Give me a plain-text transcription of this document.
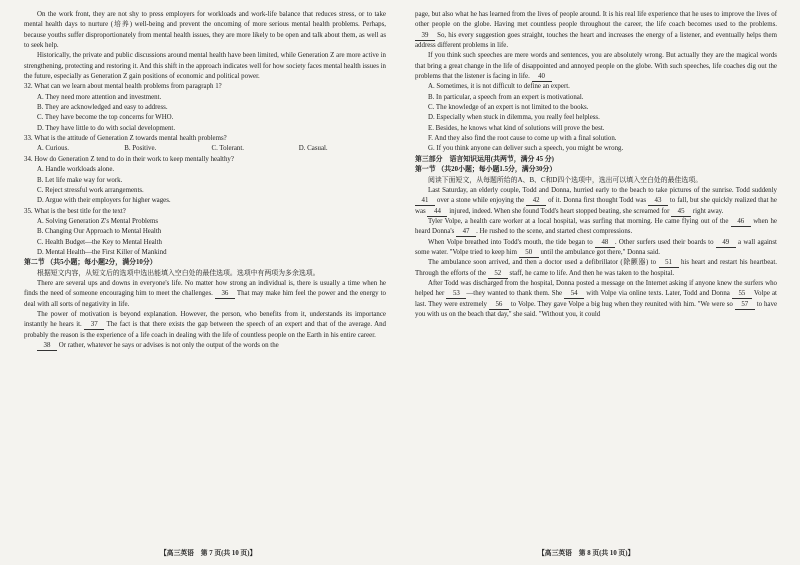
On the work front, they are not shy to press employers for workloads and work-life balance that reduces stress, or to take mental health days to nurture (培养) well-being and prevent the oncoming of more serious mental health problems. Perhaps, because youths suffer disproportionately from mental health issues, they are more likely to be open and talk about them, as well as to seek help.

Historically, the private and public discussions around mental health have been limited, while Generation Z are more active in strengthening, protecting and restoring it. And this shift in the approach indicates well for how society faces mental health issues in the future, especially as Generation Z gain positions of economic and political power.

32. What can we learn about mental health problems from paragraph 1?
A. They need more attention and investment.
B. They are acknowledged and easy to address.
C. They have become the top concerns for WHO.
D. They have little to do with social development.
33. What is the attitude of Generation Z towards mental health problems?
A. Curious.	B. Positive.	C. Tolerant.	D. Casual.
34. How do Generation Z tend to do in their work to keep mentally healthy?
A. Handle workloads alone.
B. Let life make way for work.
C. Reject stressful work arrangements.
D. Argue with their employers for higher wages.
35. What is the best title for the text?
A. Solving Generation Z's Mental Problems
B. Changing Our Approach to Mental Health
C. Health Budget—the Key to Mental Health
D. Mental Health—the First Killer of Mankind
第二节 （共5小题；每小题2分，满分10分）

根据短文内容，从短文后的选项中选出能填入空白处的最佳选项。选项中有两项为多余选项。

There are several ups and downs in everyone's life. No matter how strong an individual is, there is usually a time when he finds the need of someone encouraging him to meet the challenges. 36 That may make him feel the power and the energy to deal with all sorts of negativity in life.

The power of motivation is beyond explanation. However, the person, who benefits from it, understands its importance instantly he hears it. 37 The fact is that there exists the gap between the speech of an expert and that of the average. And probably the reason is the experience of a life coach in dealing with the life of countless people on the Earth in his entire career.

38 Or rather, whatever he says or advises is not only the output of the words on the

page, but also what he has learned from the lives of people around. It is his real life experience that he uses to improve the lives of other people on the globe. Having met countless people throughout the career, the life coach becomes used to the problems. 39 So, his every suggestion goes straight, touches the heart and increases the energy of a listener, and eventually helps them address different problems in life.

If you think such speeches are mere words and sentences, you are absolutely wrong. But actually they are the magical words that bring a great change in the life of disappointed and annoyed people on the globe. With such speeches, life coaches dig out the problems that the listener is facing in life. 40

A. Sometimes, it is not difficult to define an expert.
B. In particular, a speech from an expert is motivational.
C. The knowledge of an expert is not limited to the books.
D. Especially when stuck in dilemma, you really feel helpless.
E. Besides, he knows what kind of solutions will prove the best.
F. And they also find the root cause to come up with a final solution.
G. If you think anyone can deliver such a speech, you might be wrong.
第三部分　语言知识运用(共两节，满分 45 分)
第一节 （共20小题；每小题1.5分，满分30分）

阅读下面短文，从每题所给的A、B、C和D四个选项中，选出可以填入空白处的最佳选项。

Last Saturday, an elderly couple, Todd and Donna, hurried early to the beach to take pictures of the sunrise. Todd suddenly 41 over a stone while enjoying the 42 of it. Donna first thought Todd was 43 to fall, but she quickly realized that he was 44 injured, indeed. When she found Todd's heart stopped beating, she screamed for 45 right away.

Tyler Volpe, a health care worker at a local hospital, was surfing that morning. He came flying out of the 46 when he heard Donna's 47 . He rushed to the scene, and started chest compressions.

When Volpe breathed into Todd's mouth, the tide began to 48 . Other surfers used their boards to 49 a wall against some water. "Volpe tried to keep him 50 until the ambulance got there," Donna said.

The ambulance soon arrived, and then a doctor used a defibrillator (除颤器) to 51 his heart and restart his heartbeat. Through the efforts of the 52 staff, he came to life. And then he was taken to the hospital.

After Todd was discharged from the hospital, Donna posted a message on the Internet asking if anyone knew the surfers who helped her 53 —they wanted to thank them. She 54 with Volpe via online texts. Later, Todd and Donna 55 Volpe at last. They were extremely 56 to Volpe. They gave Volpe a big hug when they reunited with him. "We were so 57 to have you with us on the beach that day," she said. "Without you, it could

【高三英语　第 7 页(共 10 页)】	【高三英语　第 8 页(共 10 页)】
